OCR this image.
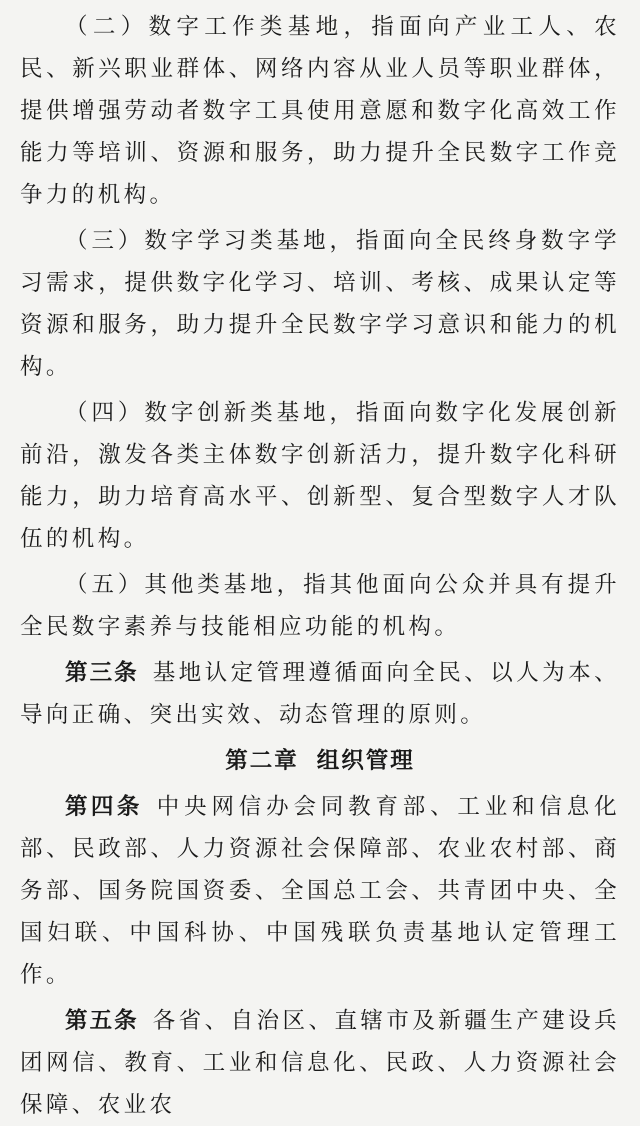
（二）数字工作类基地，指面向产业工人、农民、新兴职业群体、网络内容从业人员等职业群体，提供增强劳动者数字工具使用意愿和数字化高效工作能力等培训、资源和服务，助力提升全民数字工作竞争力的机构。

（三）数字学习类基地，指面向全民终身数字学习需求，提供数字化学习、培训、考核、成果认定等资源和服务，助力提升全民数字学习意识和能力的机构。

（四）数字创新类基地，指面向数字化发展创新前沿，激发各类主体数字创新活力，提升数字化科研能力，助力培育高水平、创新型、复合型数字人才队伍的机构。

（五）其他类基地，指其他面向公众并具有提升全民数字素养与技能相应功能的机构。

第三条 基地认定管理遵循面向全民、以人为本、导向正确、突出实效、动态管理的原则。

第二章 组织管理

第四条 中央网信办会同教育部、工业和信息化部、民政部、人力资源社会保障部、农业农村部、商务部、国务院国资委、全国总工会、共青团中央、全国妇联、中国科协、中国残联负责基地认定管理工作。

第五条 各省、自治区、直辖市及新疆生产建设兵团网信、教育、工业和信息化、民政、人力资源社会保障、农业农
